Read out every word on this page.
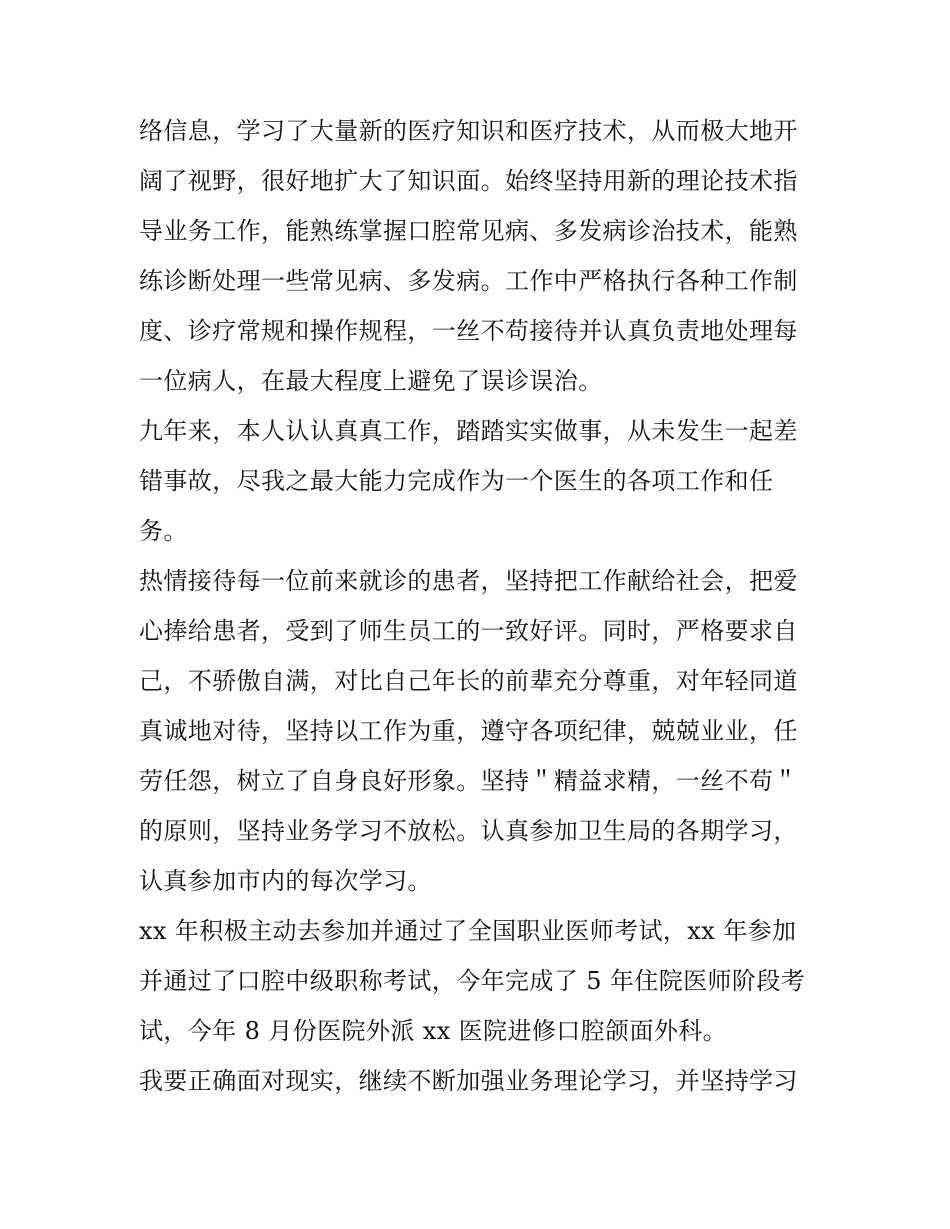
络信息，学习了大量新的医疗知识和医疗技术，从而极大地开
阔了视野，很好地扩大了知识面。始终坚持用新的理论技术指
导业务工作，能熟练掌握口腔常见病、多发病诊治技术，能熟
练诊断处理一些常见病、多发病。工作中严格执行各种工作制
度、诊疗常规和操作规程，一丝不苟接待并认真负责地处理每
一位病人，在最大程度上避免了误诊误治。
九年来，本人认认真真工作，踏踏实实做事，从未发生一起差
错事故，尽我之最大能力完成作为一个医生的各项工作和任
务。
热情接待每一位前来就诊的患者，坚持把工作献给社会，把爱
心捧给患者，受到了师生员工的一致好评。同时，严格要求自
己，不骄傲自满，对比自己年长的前辈充分尊重，对年轻同道
真诚地对待，坚持以工作为重，遵守各项纪律，兢兢业业，任
劳任怨，树立了自身良好形象。坚持＂精益求精，一丝不苟＂
的原则，坚持业务学习不放松。认真参加卫生局的各期学习，
认真参加市内的每次学习。
xx 年积极主动去参加并通过了全国职业医师考试，xx 年参加
并通过了口腔中级职称考试，今年完成了 5 年住院医师阶段考
试，今年 8 月份医院外派 xx 医院进修口腔颌面外科。
我要正确面对现实，继续不断加强业务理论学习，并坚持学习
